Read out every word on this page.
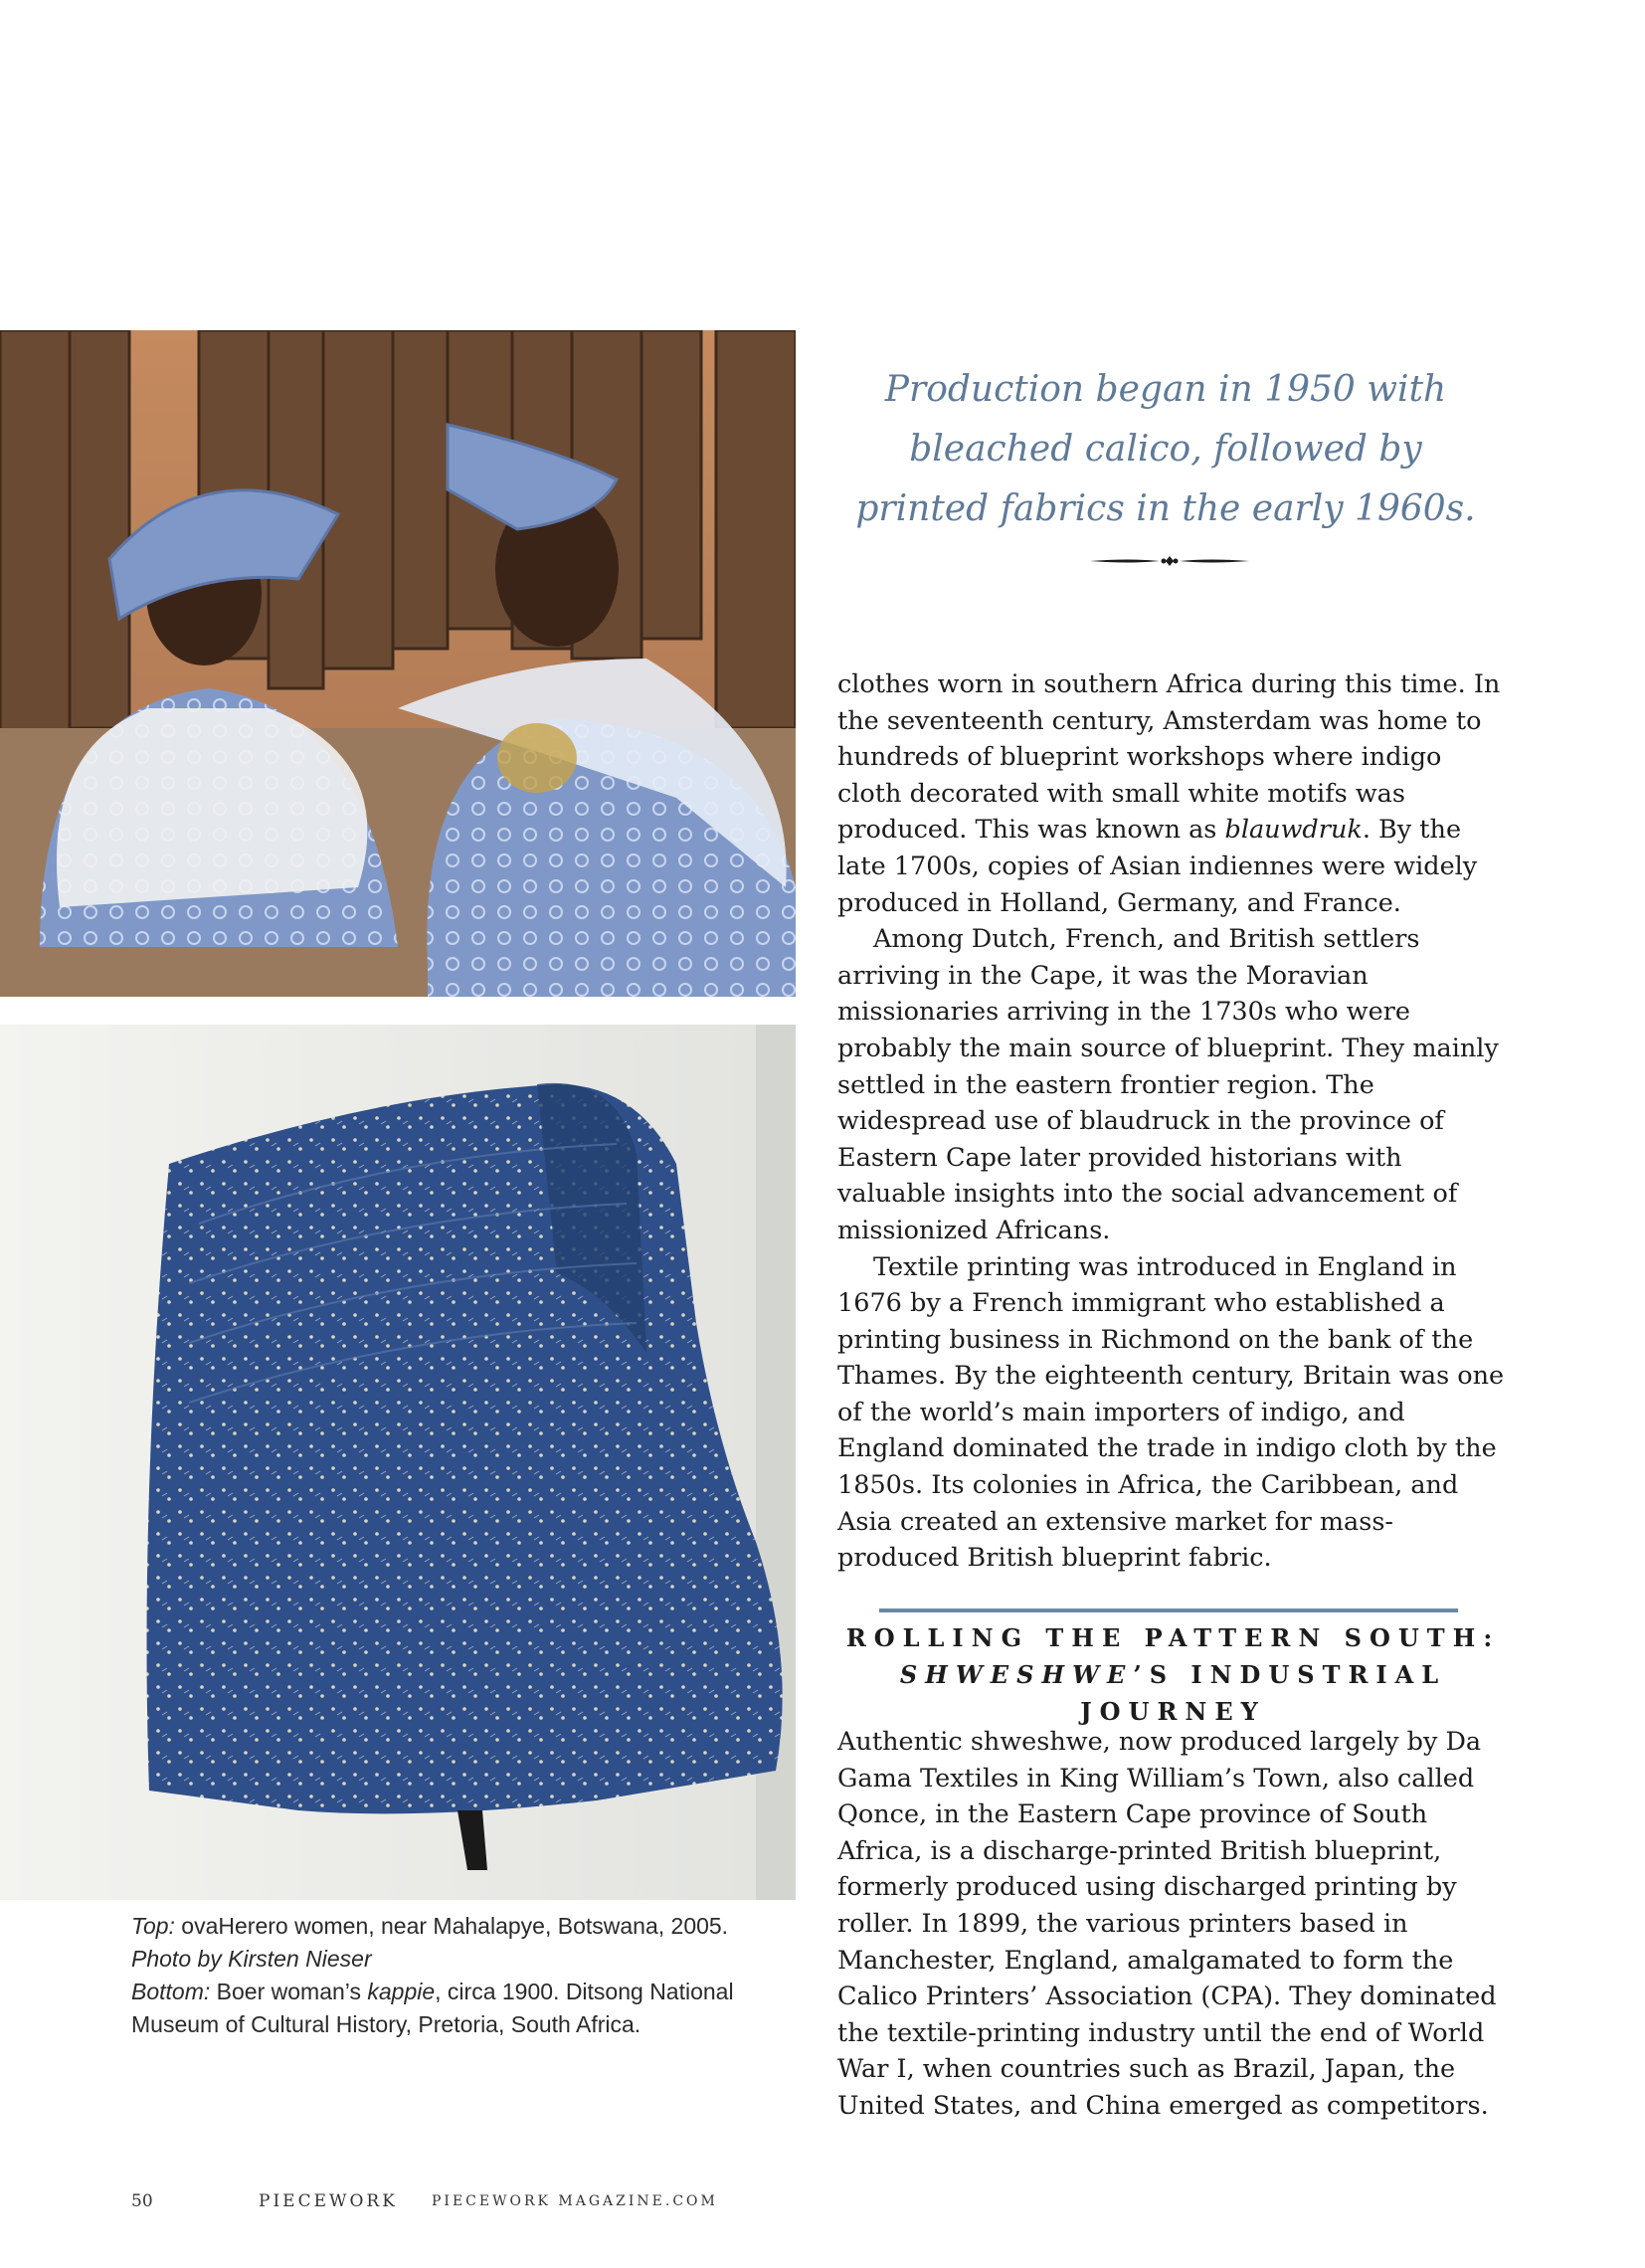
Production began in 1950 with bleached calico, followed by printed fabrics in the early 1960s.

clothes worn in southern Africa during this time. In the seventeenth century, Amsterdam was home to hundreds of blueprint workshops where indigo cloth decorated with small white motifs was produced. This was known as blauwdruk. By the late 1700s, copies of Asian indiennes were widely produced in Holland, Germany, and France.

Among Dutch, French, and British settlers arriving in the Cape, it was the Moravian missionaries arriving in the 1730s who were probably the main source of blueprint. They mainly settled in the eastern frontier region. The widespread use of blaudruck in the province of Eastern Cape later provided historians with valuable insights into the social advancement of missionized Africans.

Textile printing was introduced in England in 1676 by a French immigrant who established a printing business in Richmond on the bank of the Thames. By the eighteenth century, Britain was one of the world’s main importers of indigo, and England dominated the trade in indigo cloth by the 1850s. Its colonies in Africa, the Caribbean, and Asia created an extensive market for mass-produced British blueprint fabric.

ROLLING THE PATTERN SOUTH:
SHWESHWE’S INDUSTRIAL
JOURNEY

Authentic shweshwe, now produced largely by Da Gama Textiles in King William’s Town, also called Qonce, in the Eastern Cape province of South Africa, is a discharge-printed British blueprint, formerly produced using discharged printing by roller. In 1899, the various printers based in Manchester, England, amalgamated to form the Calico Printers’ Association (CPA). They dominated the textile-printing industry until the end of World War I, when countries such as Brazil, Japan, the United States, and China emerged as competitors.

Top: ovaHerero women, near Mahalapye, Botswana, 2005.

Photo by Kirsten Nieser

Bottom: Boer woman’s kappie, circa 1900. Ditsong National Museum of Cultural History, Pretoria, South Africa.

50	PIECEWORK PIECEWORK MAGAZINE.COM
